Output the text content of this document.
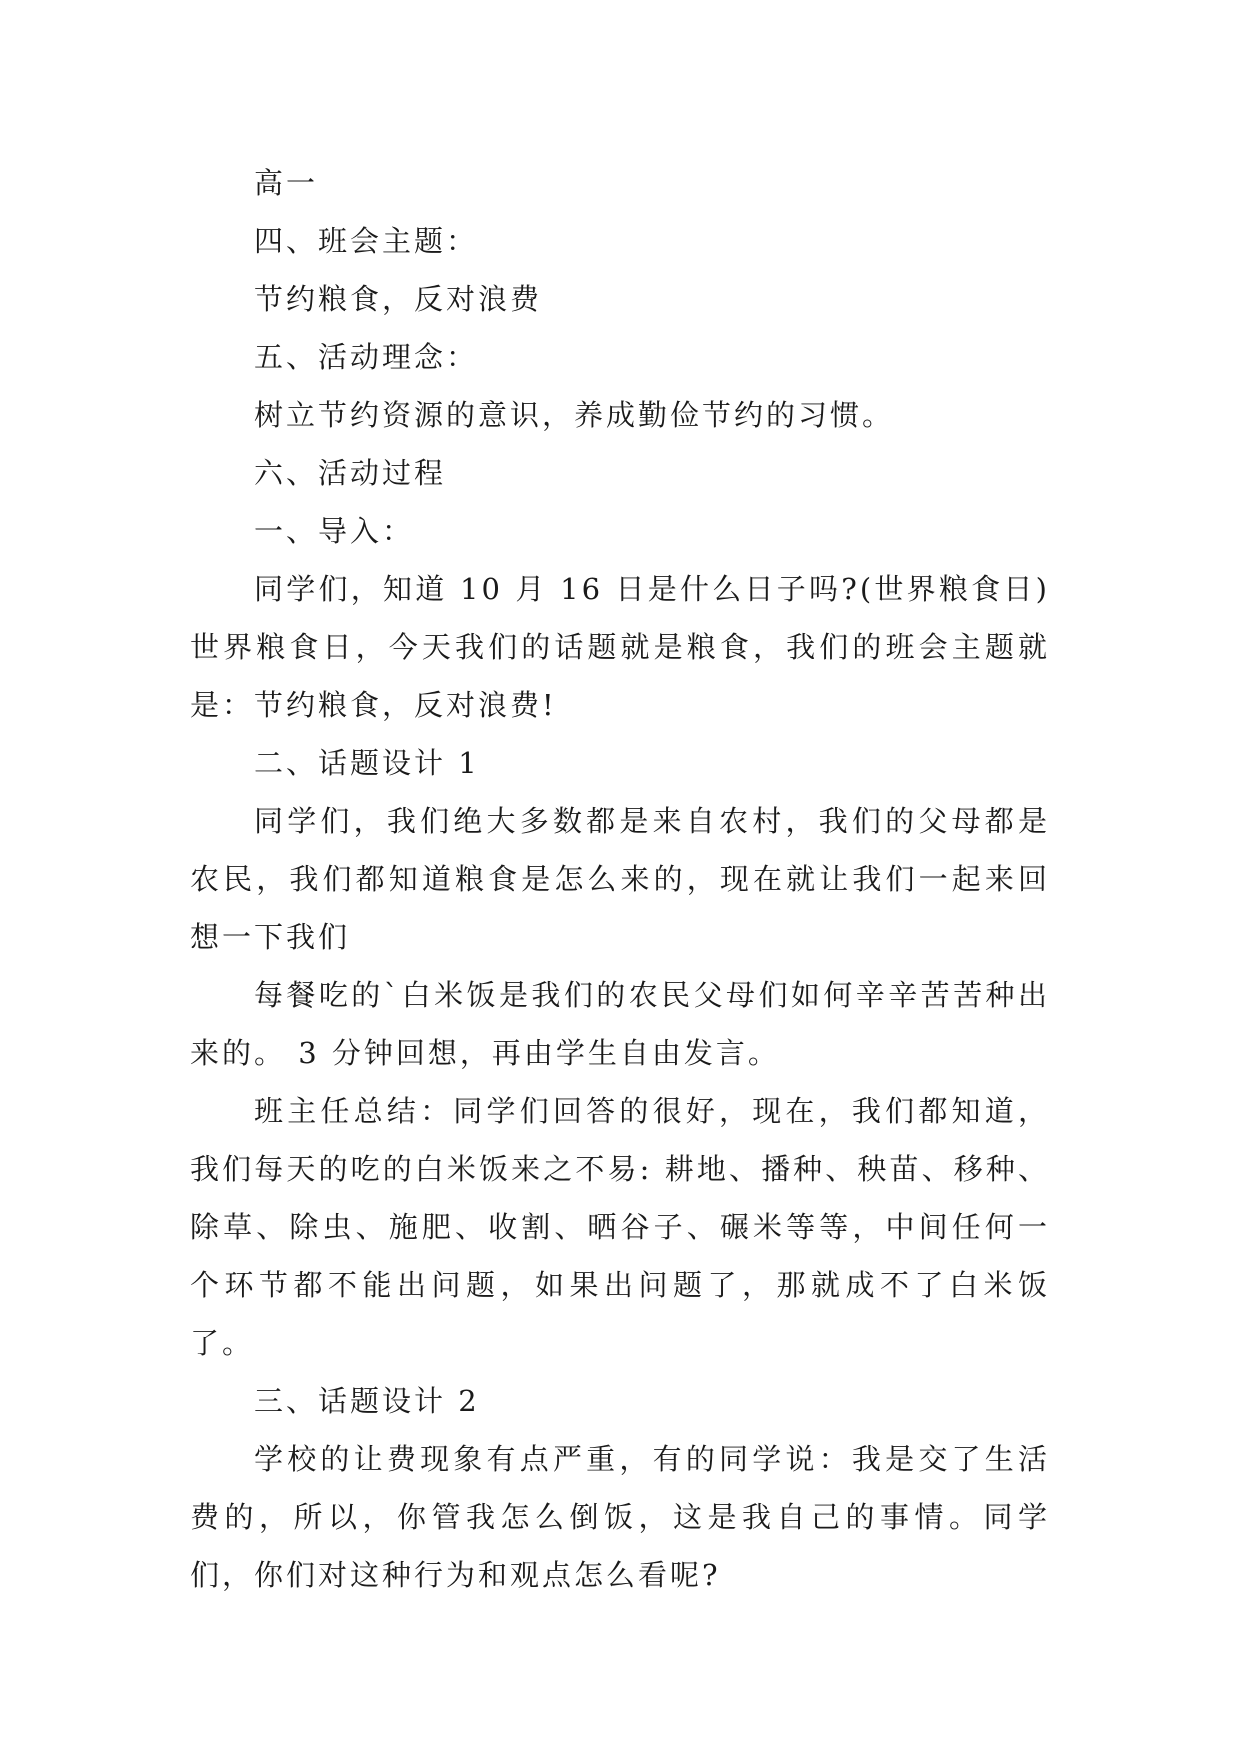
高一

四、班会主题：

节约粮食，反对浪费

五、活动理念：

树立节约资源的意识，养成勤俭节约的习惯。

六、活动过程

一、导入：

同学们，知道 10 月 16 日是什么日子吗?(世界粮食日)世界粮食日，今天我们的话题就是粮食，我们的班会主题就是：节约粮食，反对浪费!

二、话题设计 1

同学们，我们绝大多数都是来自农村，我们的父母都是农民，我们都知道粮食是怎么来的，现在就让我们一起来回想一下我们

每餐吃的`白米饭是我们的农民父母们如何辛辛苦苦种出来的。 3 分钟回想，再由学生自由发言。

班主任总结：同学们回答的很好，现在，我们都知道，我们每天的吃的白米饭来之不易: 耕地、播种、秧苗、移种、除草、除虫、施肥、收割、晒谷子、碾米等等，中间任何一个环节都不能出问题，如果出问题了，那就成不了白米饭了。

三、话题设计 2

学校的让费现象有点严重，有的同学说：我是交了生活费的，所以，你管我怎么倒饭，这是我自己的事情。同学们，你们对这种行为和观点怎么看呢?
